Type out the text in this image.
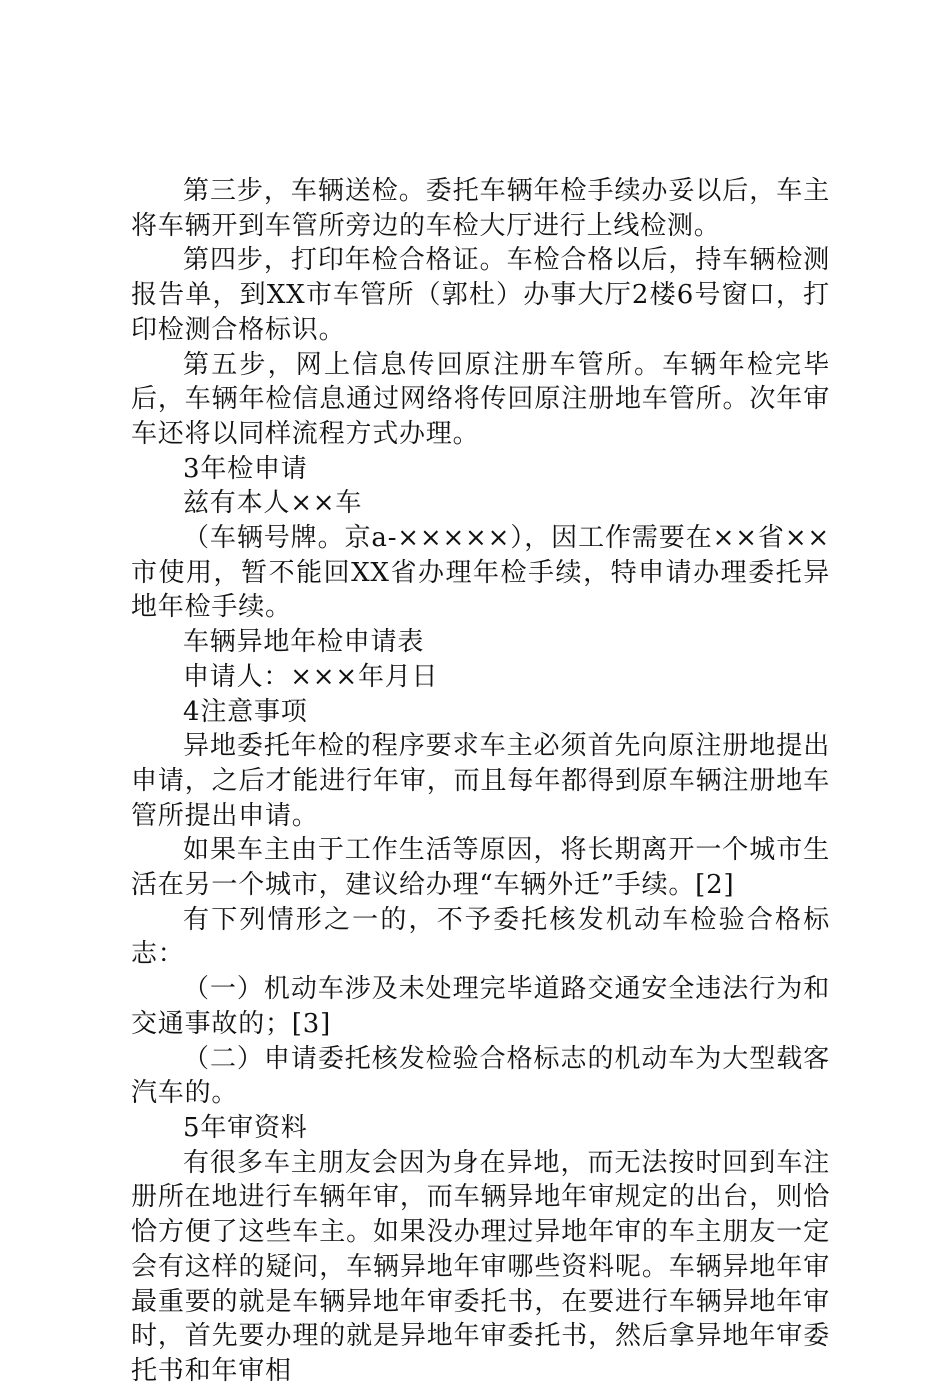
第三步，车辆送检。委托车辆年检手续办妥以后，车主将车辆开到车管所旁边的车检大厅进行上线检测。

第四步，打印年检合格证。车检合格以后，持车辆检测报告单，到XX市车管所（郭杜）办事大厅2楼6号窗口，打印检测合格标识。

第五步，网上信息传回原注册车管所。车辆年检完毕后，车辆年检信息通过网络将传回原注册地车管所。次年审车还将以同样流程方式办理。

3年检申请

兹有本人××车

（车辆号牌。京a-×××××），因工作需要在××省××市使用，暂不能回XX省办理年检手续，特申请办理委托异地年检手续。

车辆异地年检申请表

申请人：×××年月日

4注意事项

异地委托年检的程序要求车主必须首先向原注册地提出申请，之后才能进行年审，而且每年都得到原车辆注册地车管所提出申请。

如果车主由于工作生活等原因，将长期离开一个城市生活在另一个城市，建议给办理“车辆外迁”手续。[2]

有下列情形之一的，不予委托核发机动车检验合格标志：

（一）机动车涉及未处理完毕道路交通安全违法行为和交通事故的；[3]

（二）申请委托核发检验合格标志的机动车为大型载客汽车的。

5年审资料

有很多车主朋友会因为身在异地，而无法按时回到车注册所在地进行车辆年审，而车辆异地年审规定的出台，则恰恰方便了这些车主。如果没办理过异地年审的车主朋友一定会有这样的疑问，车辆异地年审哪些资料呢。车辆异地年审最重要的就是车辆异地年审委托书，在要进行车辆异地年审时，首先要办理的就是异地年审委托书，然后拿异地年审委托书和年审相
